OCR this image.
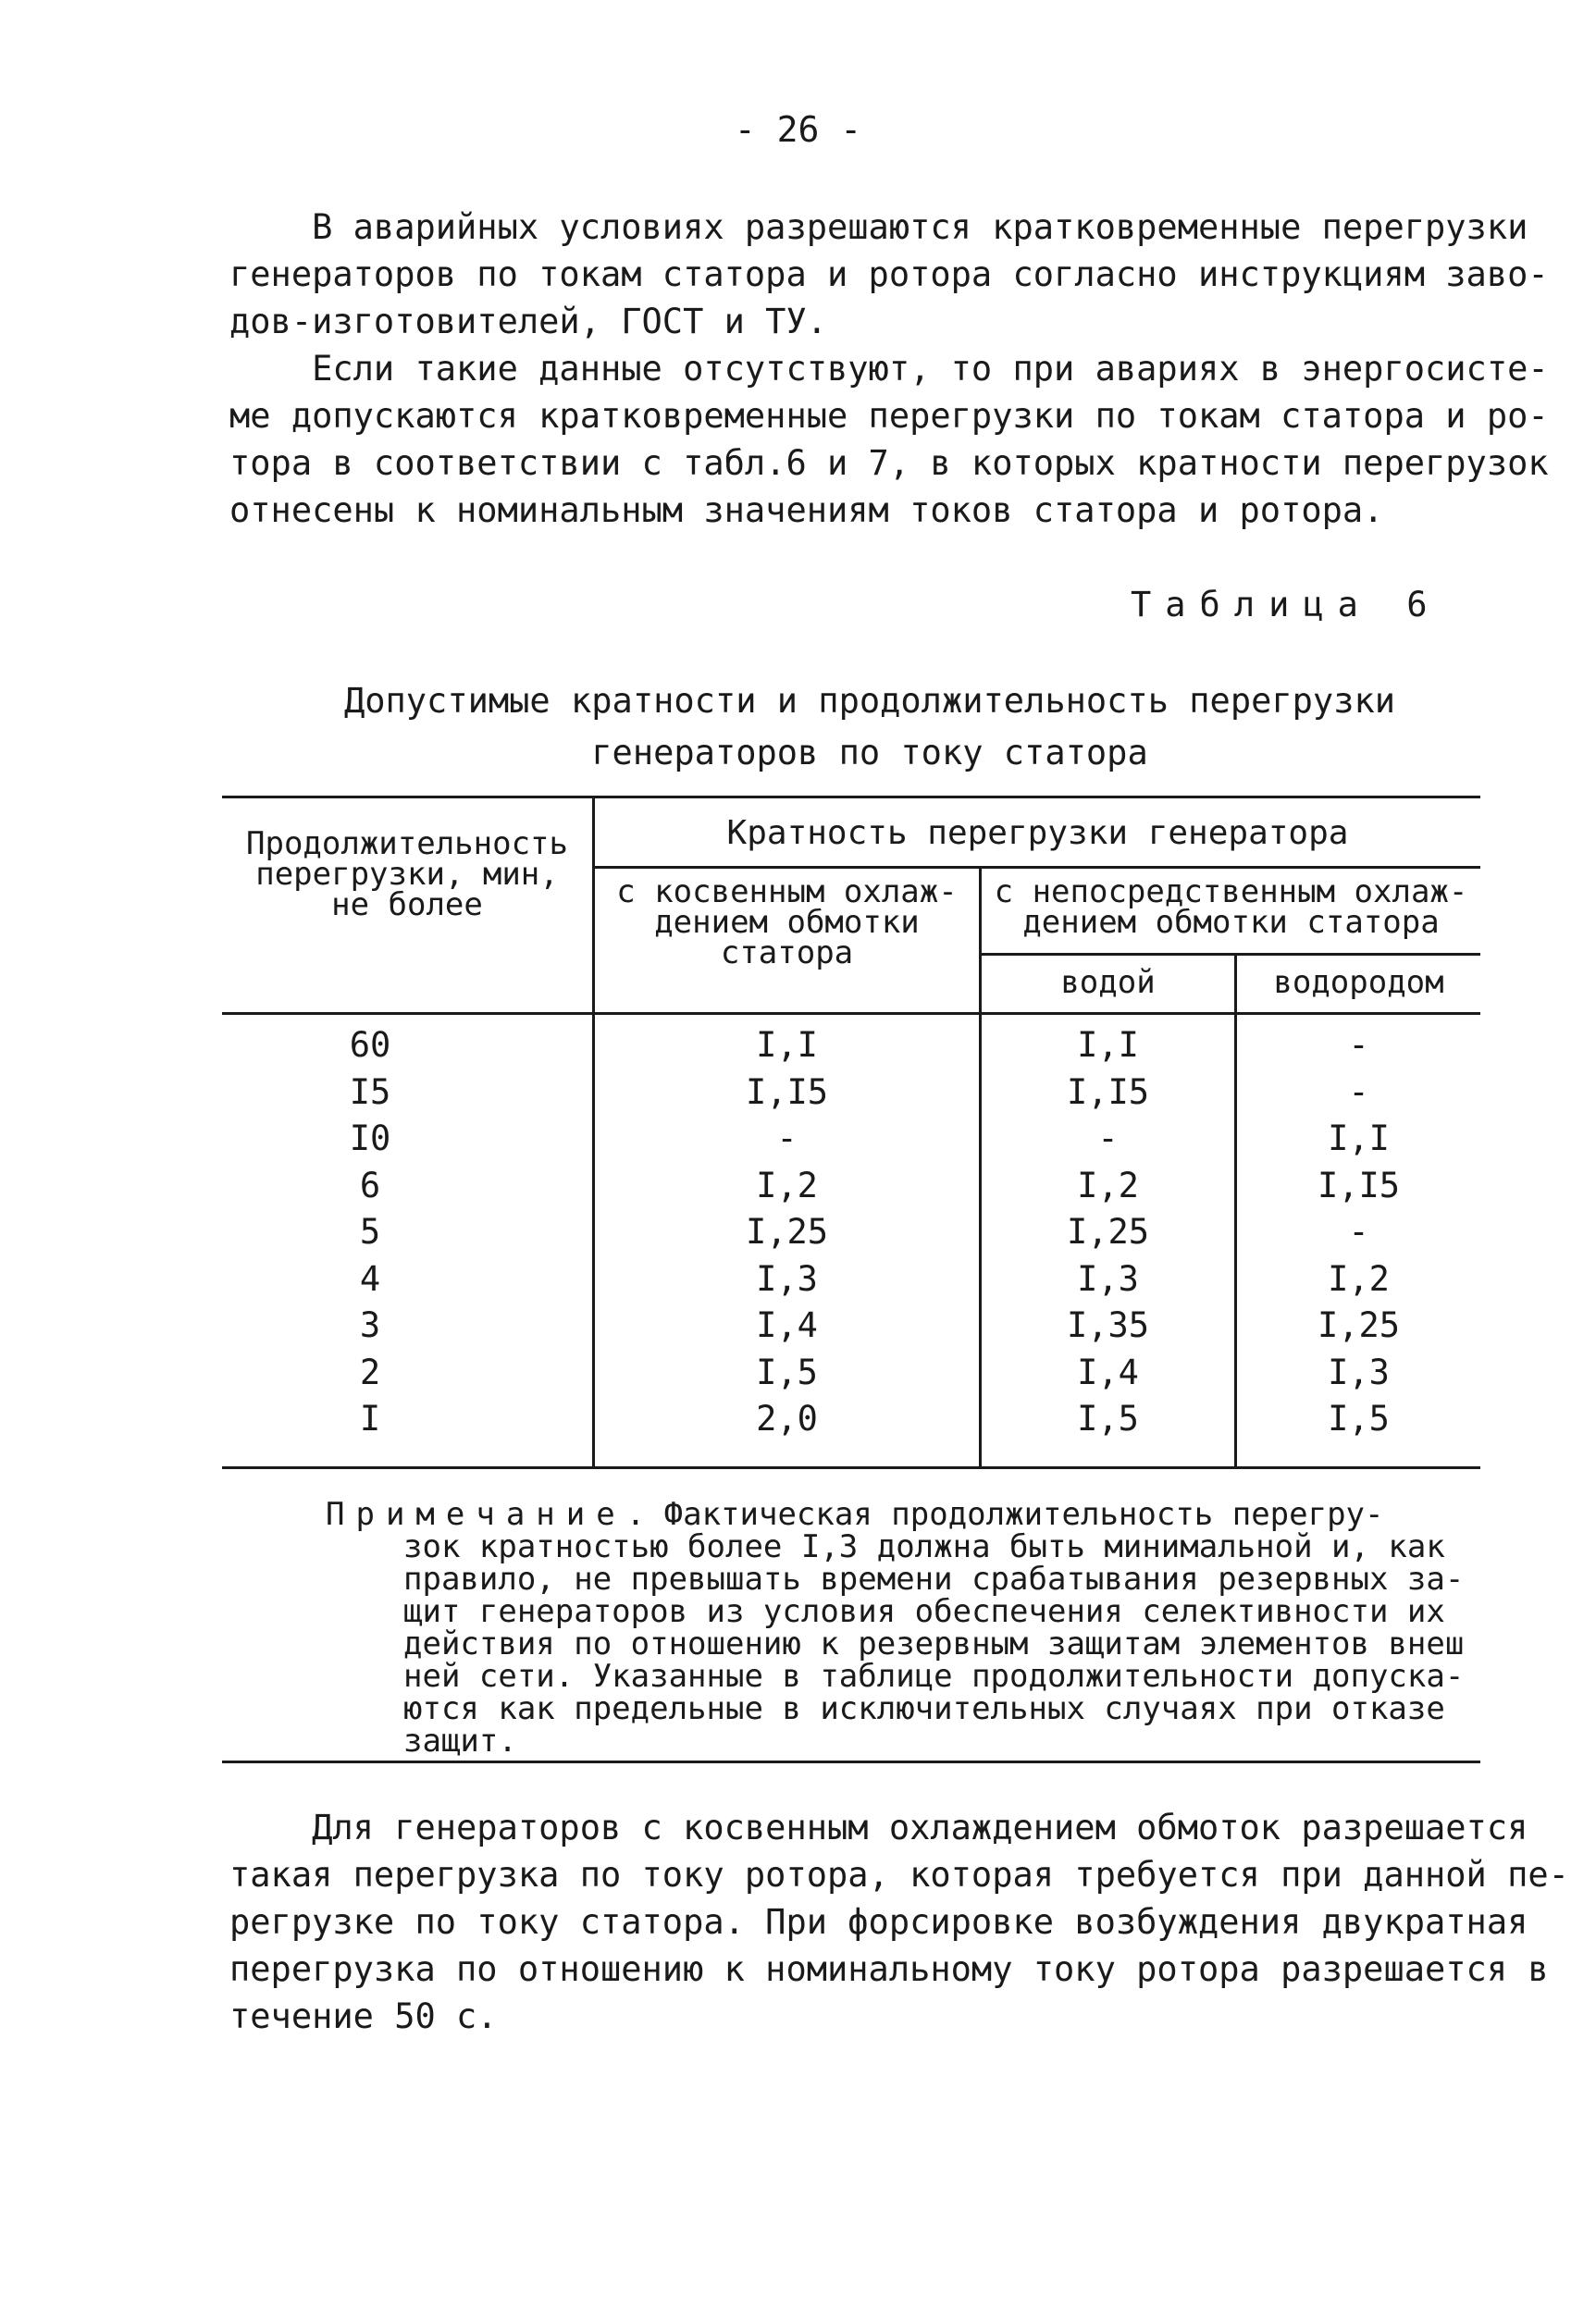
- 26 -
В аварийных условиях разрешаются кратковременные перегрузки
генераторов по токам статора и ротора согласно инструкциям заво-
дов-изготовителей, ГОСТ и ТУ.
Если такие данные отсутствуют, то при авариях в энергосисте-
ме допускаются кратковременные перегрузки по токам статора и ро-
тора в соответствии с табл.6 и 7, в которых кратности перегрузок
отнесены к номинальным значениям токов статора и ротора.
Таблица 6
Допустимые кратности и продолжительность перегрузки
генераторов по току статора
Продолжительность
перегрузки, мин,
не более
Кратность перегрузки генератора
с косвенным охлаж-
дением обмотки
статора
с непосредственным охлаж-
дением обмотки статора
водой	водородом
60
I5
I0
6
5
4
3
2
I
I,I
I,I5
-
I,2
I,25
I,3
I,4
I,5
2,0
I,I
I,I5
-
I,2
I,25
I,3
I,35
I,4
I,5
-
-
I,I
I,I5
-
I,2
I,25
I,3
I,5
Примечание. Фактическая продолжительность перегру-
зок кратностью более I,3 должна быть минимальной и, как
правило, не превышать времени срабатывания резервных за-
щит генераторов из условия обеспечения селективности их
действия по отношению к резервным защитам элементов внеш
ней сети. Указанные в таблице продолжительности допуска-
ются как предельные в исключительных случаях при отказе
защит.
Для генераторов с косвенным охлаждением обмоток разрешается
такая перегрузка по току ротора, которая требуется при данной пе-
регрузке по току статора. При форсировке возбуждения двукратная
перегрузка по отношению к номинальному току ротора разрешается в
течение 50 с.
